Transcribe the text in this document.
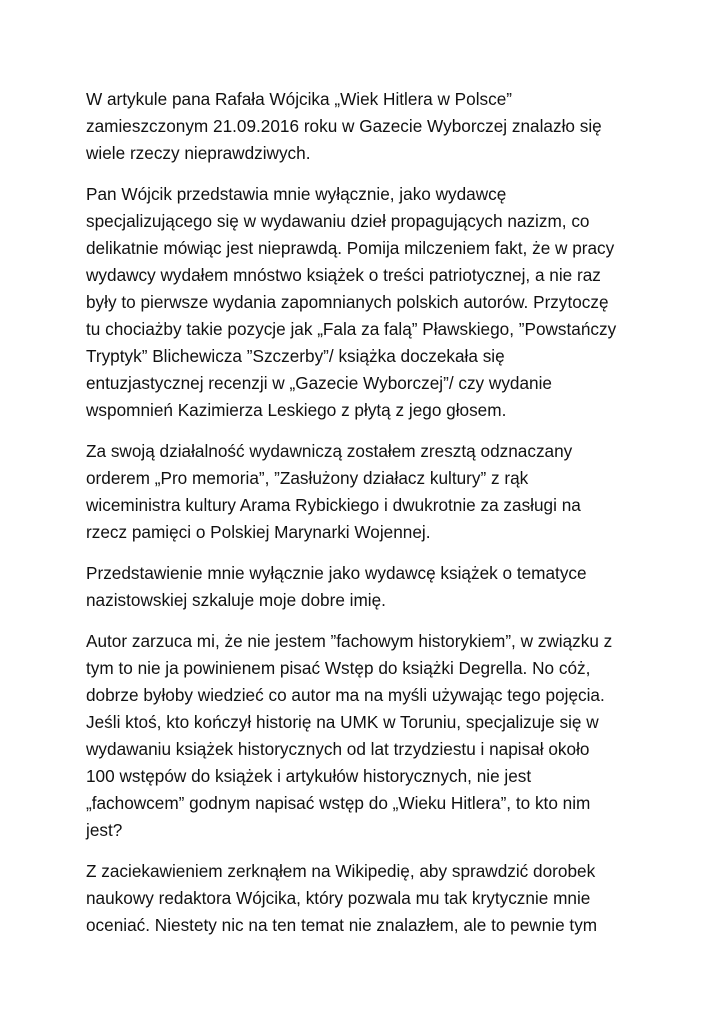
W artykule pana Rafała Wójcika „Wiek Hitlera w Polsce”
zamieszczonym 21.09.2016 roku w Gazecie Wyborczej znalazło się
wiele rzeczy nieprawdziwych.

Pan Wójcik przedstawia mnie wyłącznie, jako wydawcę
specjalizującego się w wydawaniu dzieł propagujących nazizm, co
delikatnie mówiąc jest nieprawdą. Pomija milczeniem fakt, że w pracy
wydawcy wydałem mnóstwo książek o treści patriotycznej, a nie raz
były to pierwsze wydania zapomnianych polskich autorów. Przytoczę
tu chociażby takie pozycje jak „Fala za falą” Pławskiego, ”Powstańczy
Tryptyk” Blichewicza ”Szczerby”/ książka doczekała się
entuzjastycznej recenzji w „Gazecie Wyborczej”/ czy wydanie
wspomnień Kazimierza Leskiego z płytą z jego głosem.

Za swoją działalność wydawniczą zostałem zresztą odznaczany
orderem „Pro memoria”, ”Zasłużony działacz kultury” z rąk
wiceministra kultury Arama Rybickiego i dwukrotnie za zasługi na
rzecz pamięci o Polskiej Marynarki Wojennej.

Przedstawienie mnie wyłącznie jako wydawcę książek o tematyce
nazistowskiej szkaluje moje dobre imię.

Autor zarzuca mi, że nie jestem ”fachowym historykiem”, w związku z
tym to nie ja powinienem pisać Wstęp do książki Degrella. No cóż,
dobrze byłoby wiedzieć co autor ma na myśli używając tego pojęcia.
Jeśli ktoś, kto kończył historię na UMK w Toruniu, specjalizuje się w
wydawaniu książek historycznych od lat trzydziestu i napisał około
100 wstępów do książek i artykułów historycznych, nie jest
„fachowcem” godnym napisać wstęp do „Wieku Hitlera”, to kto nim
jest?

Z zaciekawieniem zerknąłem na Wikipedię, aby sprawdzić dorobek
naukowy redaktora Wójcika, który pozwala mu tak krytycznie mnie
oceniać. Niestety nic na ten temat nie znalazłem, ale to pewnie tym
